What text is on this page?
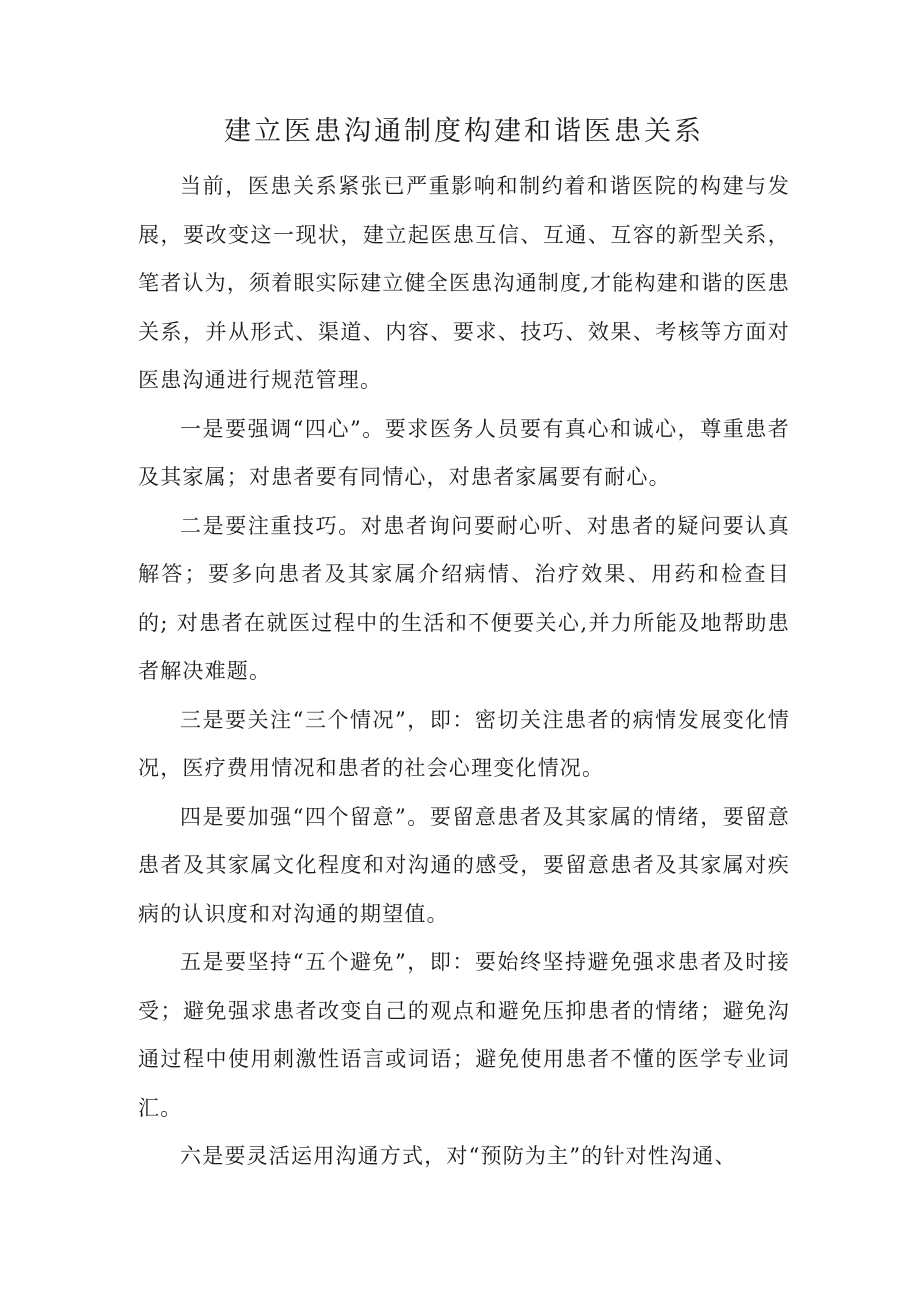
建立医患沟通制度构建和谐医患关系

当前，医患关系紧张已严重影响和制约着和谐医院的构建与发展，要改变这一现状，建立起医患互信、互通、互容的新型关系，笔者认为，须着眼实际建立健全医患沟通制度,才能构建和谐的医患关系，并从形式、渠道、内容、要求、技巧、效果、考核等方面对医患沟通进行规范管理。

一是要强调“四心”。要求医务人员要有真心和诚心，尊重患者及其家属；对患者要有同情心，对患者家属要有耐心。

二是要注重技巧。对患者询问要耐心听、对患者的疑问要认真解答；要多向患者及其家属介绍病情、治疗效果、用药和检查目的; 对患者在就医过程中的生活和不便要关心,并力所能及地帮助患者解决难题。

三是要关注“三个情况”，即：密切关注患者的病情发展变化情况，医疗费用情况和患者的社会心理变化情况。

四是要加强“四个留意”。要留意患者及其家属的情绪，要留意患者及其家属文化程度和对沟通的感受，要留意患者及其家属对疾病的认识度和对沟通的期望值。

五是要坚持“五个避免”，即：要始终坚持避免强求患者及时接受；避免强求患者改变自己的观点和避免压抑患者的情绪；避免沟通过程中使用刺激性语言或词语；避免使用患者不懂的医学专业词汇。

六是要灵活运用沟通方式，对“预防为主”的针对性沟通、
